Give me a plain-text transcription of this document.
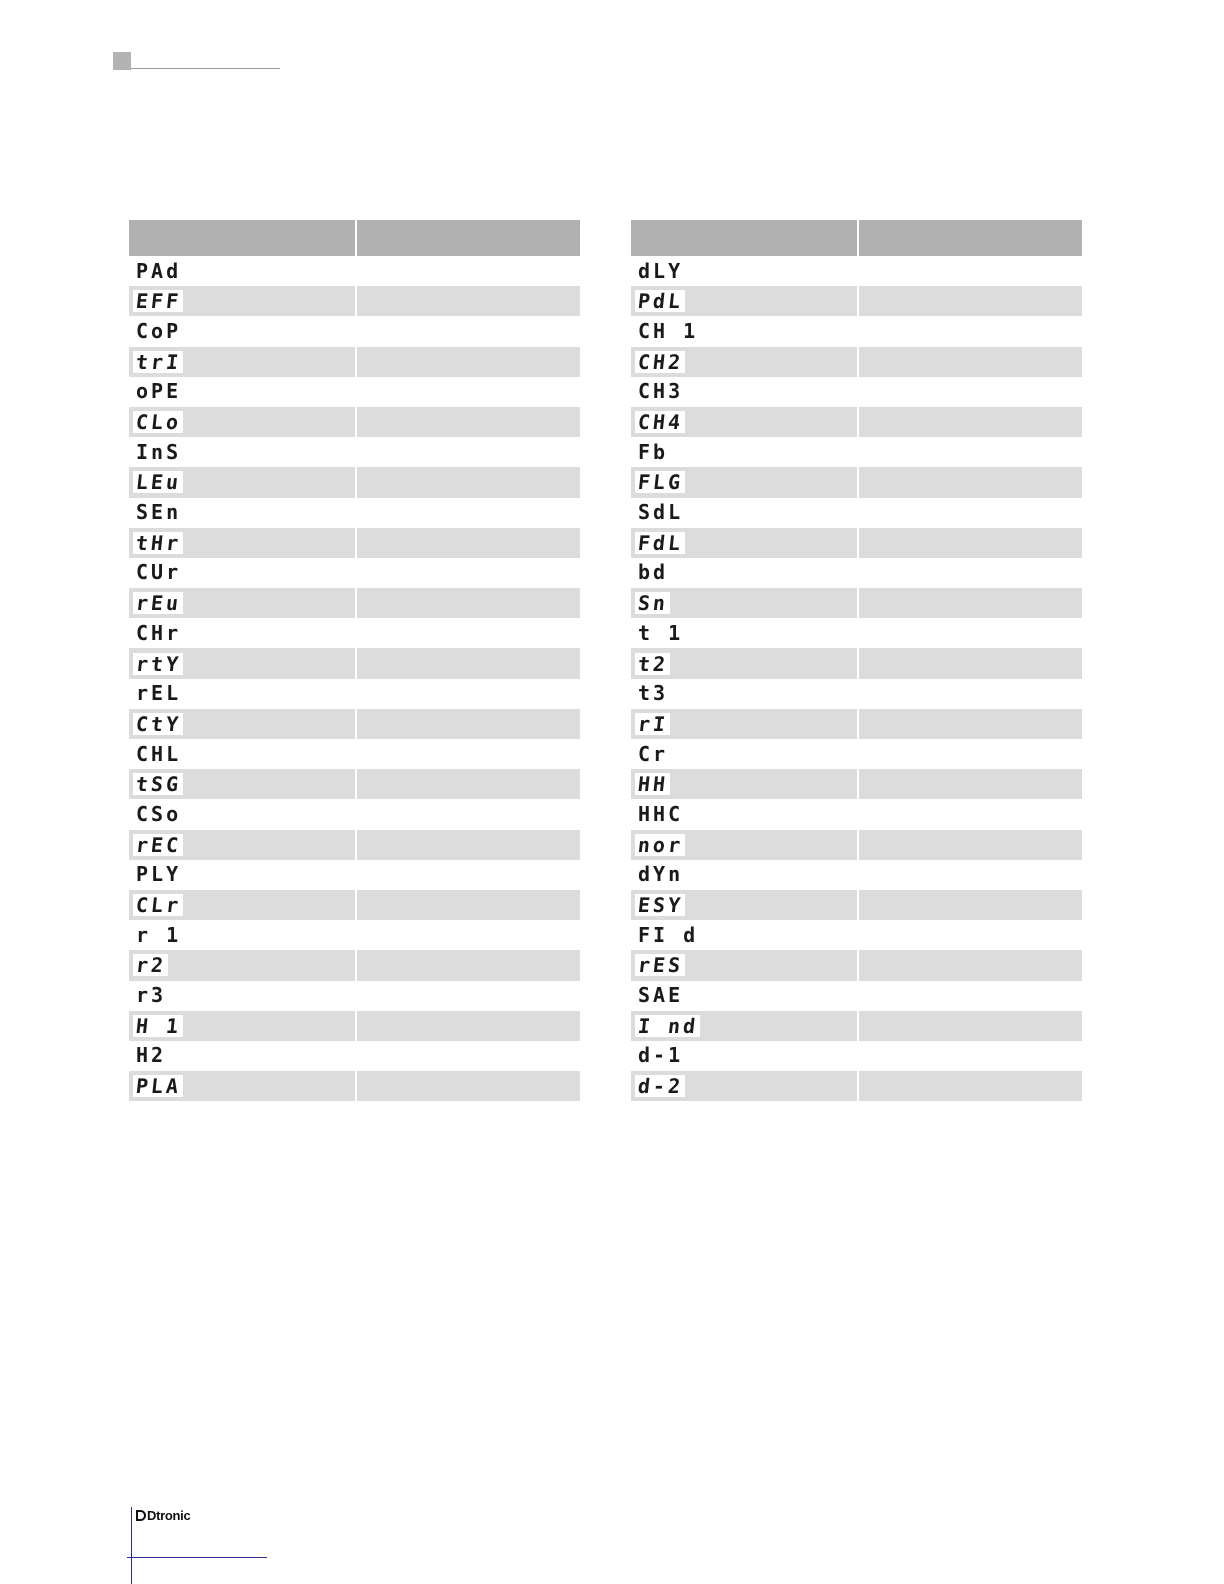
PAd
EFF
CoP
trI
oPE
CLo
InS
LEu
SEn
tHr
CUr
rEu
CHr
rtY
rEL
CtY
CHL
tSG
CSo
rEC
PLY
CLr
r 1
r2
r3
H 1
H2
PLA
dLY
PdL
CH 1
CH2
CH3
CH4
Fb
FLG
SdL
FdL
bd
Sn
t 1
t2
t3
rI
Cr
HH
HHC
nor
dYn
ESY
FI d
rES
SAE
I nd
d-1
d-2
Dtronic
